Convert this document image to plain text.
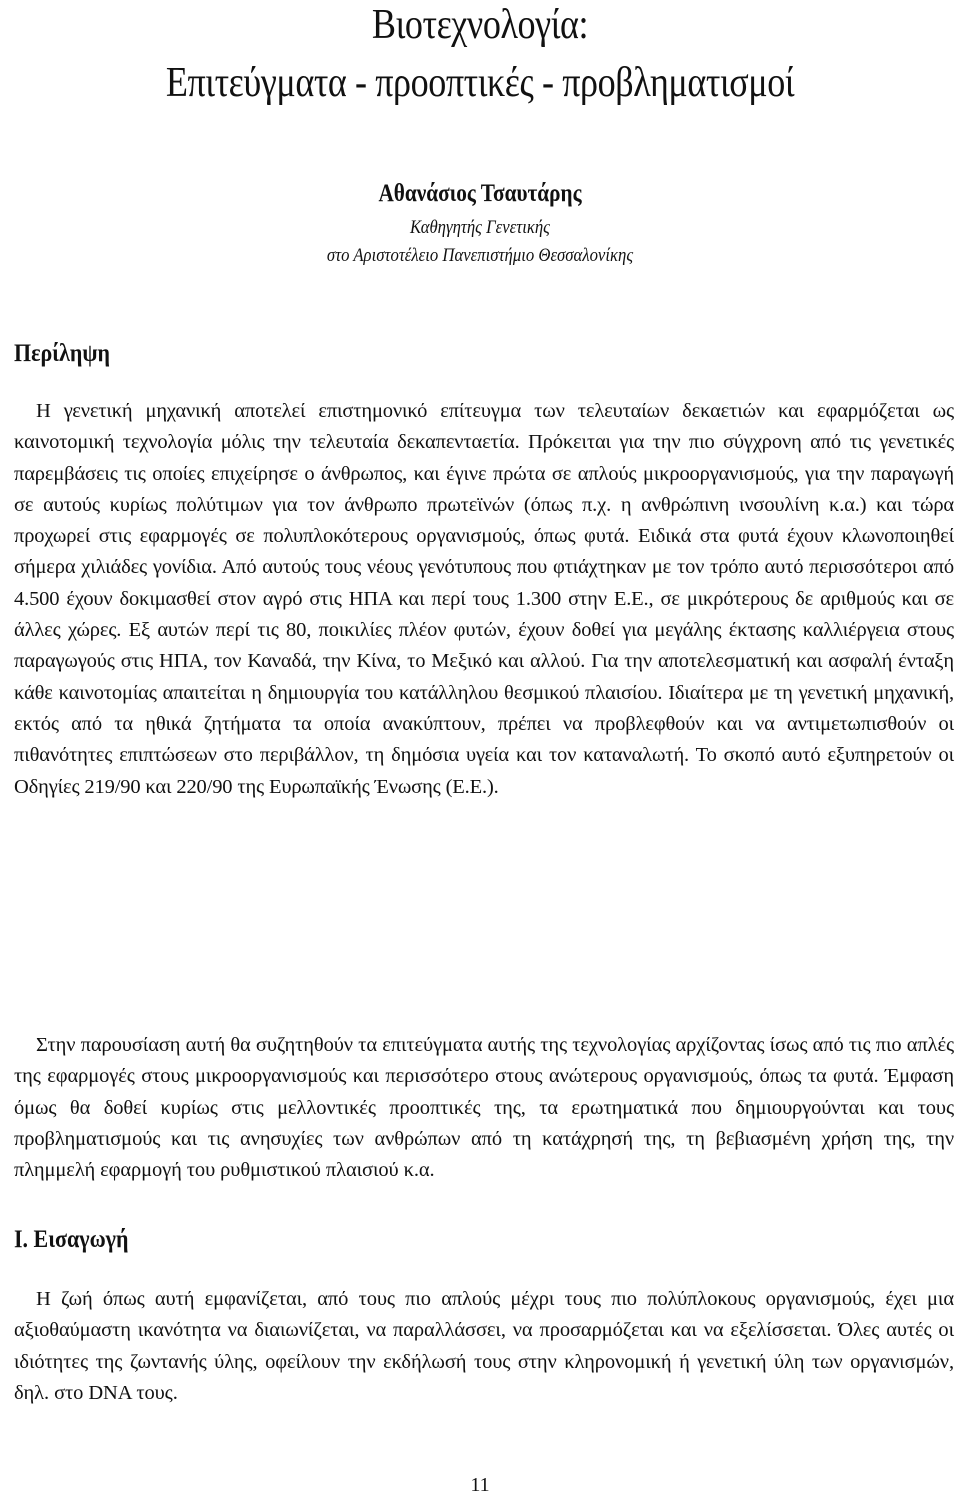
Βιοτεχνολογία:
Επιτεύγματα - προοπτικές - προβληματισμοί
Αθανάσιος Τσαυτάρης
Καθηγητής Γενετικής
στο Αριστοτέλειο Πανεπιστήμιο Θεσσαλονίκης
Περίληψη

Η γενετική μηχανική αποτελεί επιστημονικό επίτευγμα των τελευταίων δεκαετιών και εφαρμόζεται ως καινοτομική τεχνολογία μόλις την τελευταία δεκαπενταετία. Πρόκειται για την πιο σύγχρονη από τις γενετικές παρεμβάσεις τις οποίες επιχείρησε ο άνθρωπος, και έγινε πρώτα σε απλούς μικροοργανισμούς, για την παραγωγή σε αυτούς κυρίως πολύτιμων για τον άνθρωπο πρωτεϊνών (όπως π.χ. η ανθρώπινη ινσουλίνη κ.α.) και τώρα προχωρεί στις εφαρμογές σε πολυπλοκότερους οργανισμούς, όπως φυτά. Ειδικά στα φυτά έχουν κλωνοποιηθεί σήμερα χιλιάδες γονίδια. Από αυτούς τους νέους γενότυπους που φτιάχτηκαν με τον τρόπο αυτό περισσότεροι από 4.500 έχουν δοκιμασθεί στον αγρό στις ΗΠΑ και περί τους 1.300 στην Ε.Ε., σε μικρότερους δε αριθμούς και σε άλλες χώρες. Εξ αυτών περί τις 80, ποικιλίες πλέον φυτών, έχουν δοθεί για μεγάλης έκτασης καλλιέργεια στους παραγωγούς στις ΗΠΑ, τον Καναδά, την Κίνα, το Μεξικό και αλλού. Για την αποτελεσματική και ασφαλή ένταξη κάθε καινοτομίας απαιτείται η δημιουργία του κατάλληλου θεσμικού πλαισίου. Ιδιαίτερα με τη γενετική μηχανική, εκτός από τα ηθικά ζητήματα τα οποία ανακύπτουν, πρέπει να προβλεφθούν και να αντιμετωπισθούν οι πιθανότητες επιπτώσεων στο περιβάλλον, τη δημόσια υγεία και τον καταναλωτή. Το σκοπό αυτό εξυπηρετούν οι Οδηγίες 219/90 και 220/90 της Ευρωπαϊκής Ένωσης (Ε.Ε.).

Στην παρουσίαση αυτή θα συζητηθούν τα επιτεύγματα αυτής της τεχνολογίας αρχίζοντας ίσως από τις πιο απλές της εφαρμογές στους μικροοργανισμούς και περισσότερο στους ανώτερους οργανισμούς, όπως τα φυτά. Έμφαση όμως θα δοθεί κυρίως στις μελλοντικές προοπτικές της, τα ερωτηματικά που δημιουργούνται και τους προβληματισμούς και τις ανησυχίες των ανθρώπων από τη κατάχρησή της, τη βεβιασμένη χρήση της, την πλημμελή εφαρμογή του ρυθμιστικού πλαισιού κ.α.

Ι. Εισαγωγή

Η ζωή όπως αυτή εμφανίζεται, από τους πιο απλούς μέχρι τους πιο πολύπλοκους οργανισμούς, έχει μια αξιοθαύμαστη ικανότητα να διαιωνίζεται, να παραλλάσσει, να προσαρμόζεται και να εξελίσσεται. Όλες αυτές οι ιδιότητες της ζωντανής ύλης, οφείλουν την εκδήλωσή τους στην κληρονομική ή γενετική ύλη των οργανισμών, δηλ. στο DNA τους.

11
